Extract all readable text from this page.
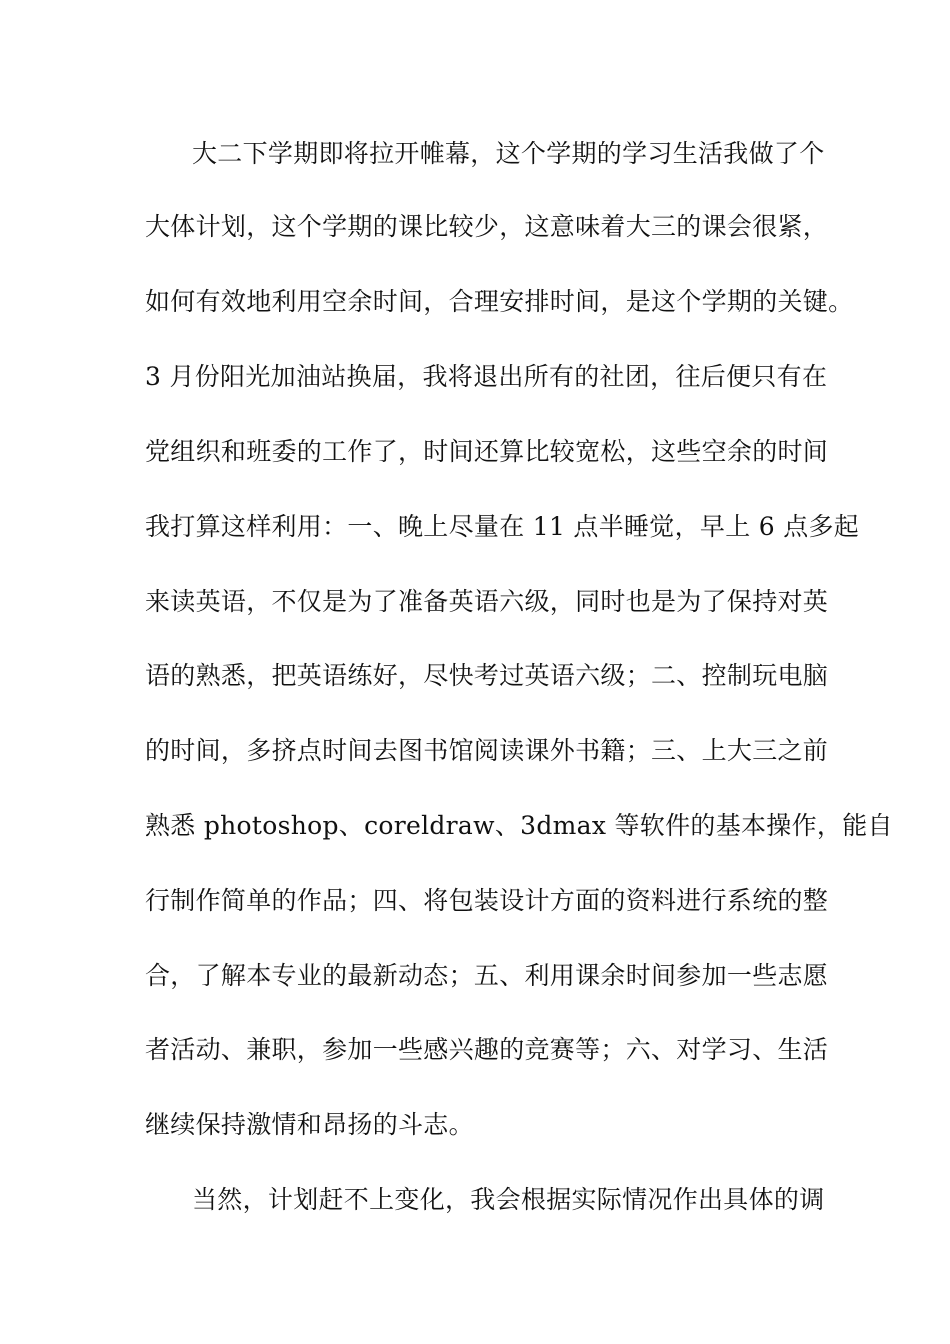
大二下学期即将拉开帷幕，这个学期的学习生活我做了个
大体计划，这个学期的课比较少，这意味着大三的课会很紧，
如何有效地利用空余时间，合理安排时间，是这个学期的关键。
3 月份阳光加油站换届，我将退出所有的社团，往后便只有在
党组织和班委的工作了，时间还算比较宽松，这些空余的时间
我打算这样利用：一、晚上尽量在 11 点半睡觉，早上 6 点多起
来读英语，不仅是为了准备英语六级，同时也是为了保持对英
语的熟悉，把英语练好，尽快考过英语六级；二、控制玩电脑
的时间，多挤点时间去图书馆阅读课外书籍；三、上大三之前
熟悉 photoshop、coreldraw、3dmax 等软件的基本操作，能自
行制作简单的作品；四、将包装设计方面的资料进行系统的整
合，了解本专业的最新动态；五、利用课余时间参加一些志愿
者活动、兼职，参加一些感兴趣的竞赛等；六、对学习、生活
继续保持激情和昂扬的斗志。
当然，计划赶不上变化，我会根据实际情况作出具体的调
